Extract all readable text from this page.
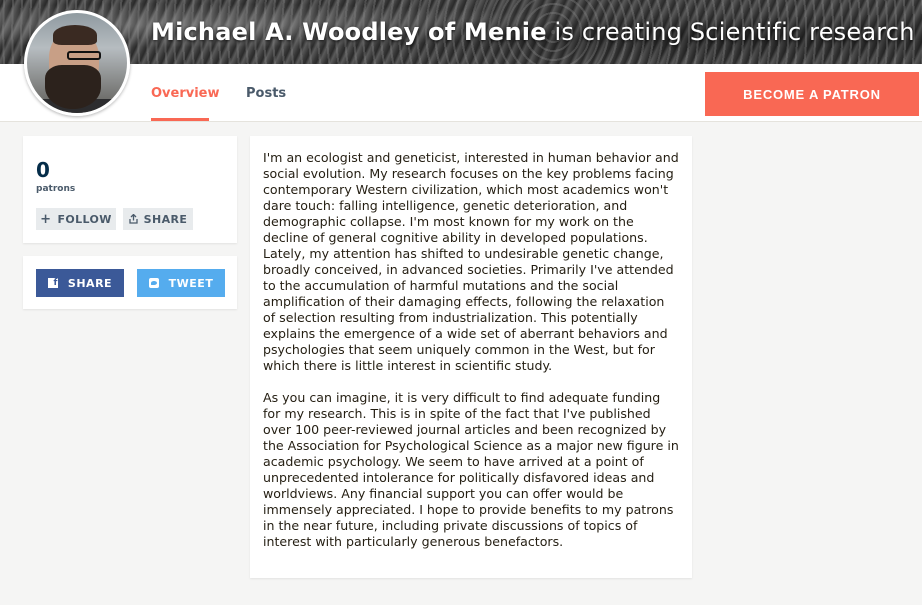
Michael A. Woodley of Menie is creating Scientific research
Overview Posts	BECOME A PATRON
0
patrons
+ FOLLOW	SHARE
f SHARE	TWEET

I'm an ecologist and geneticist, interested in human behavior and social evolution. My research focuses on the key problems facing contemporary Western civilization, which most academics won't dare touch: falling intelligence, genetic deterioration, and demographic collapse. I'm most known for my work on the decline of general cognitive ability in developed populations. Lately, my attention has shifted to undesirable genetic change, broadly conceived, in advanced societies. Primarily I've attended to the accumulation of harmful mutations and the social amplification of their damaging effects, following the relaxation of selection resulting from industrialization. This potentially explains the emergence of a wide set of aberrant behaviors and psychologies that seem uniquely common in the West, but for which there is little interest in scientific study.

As you can imagine, it is very difficult to find adequate funding for my research. This is in spite of the fact that I've published over 100 peer-reviewed journal articles and been recognized by the Association for Psychological Science as a major new figure in academic psychology. We seem to have arrived at a point of unprecedented intolerance for politically disfavored ideas and worldviews. Any financial support you can offer would be immensely appreciated. I hope to provide benefits to my patrons in the near future, including private discussions of topics of interest with particularly generous benefactors.
